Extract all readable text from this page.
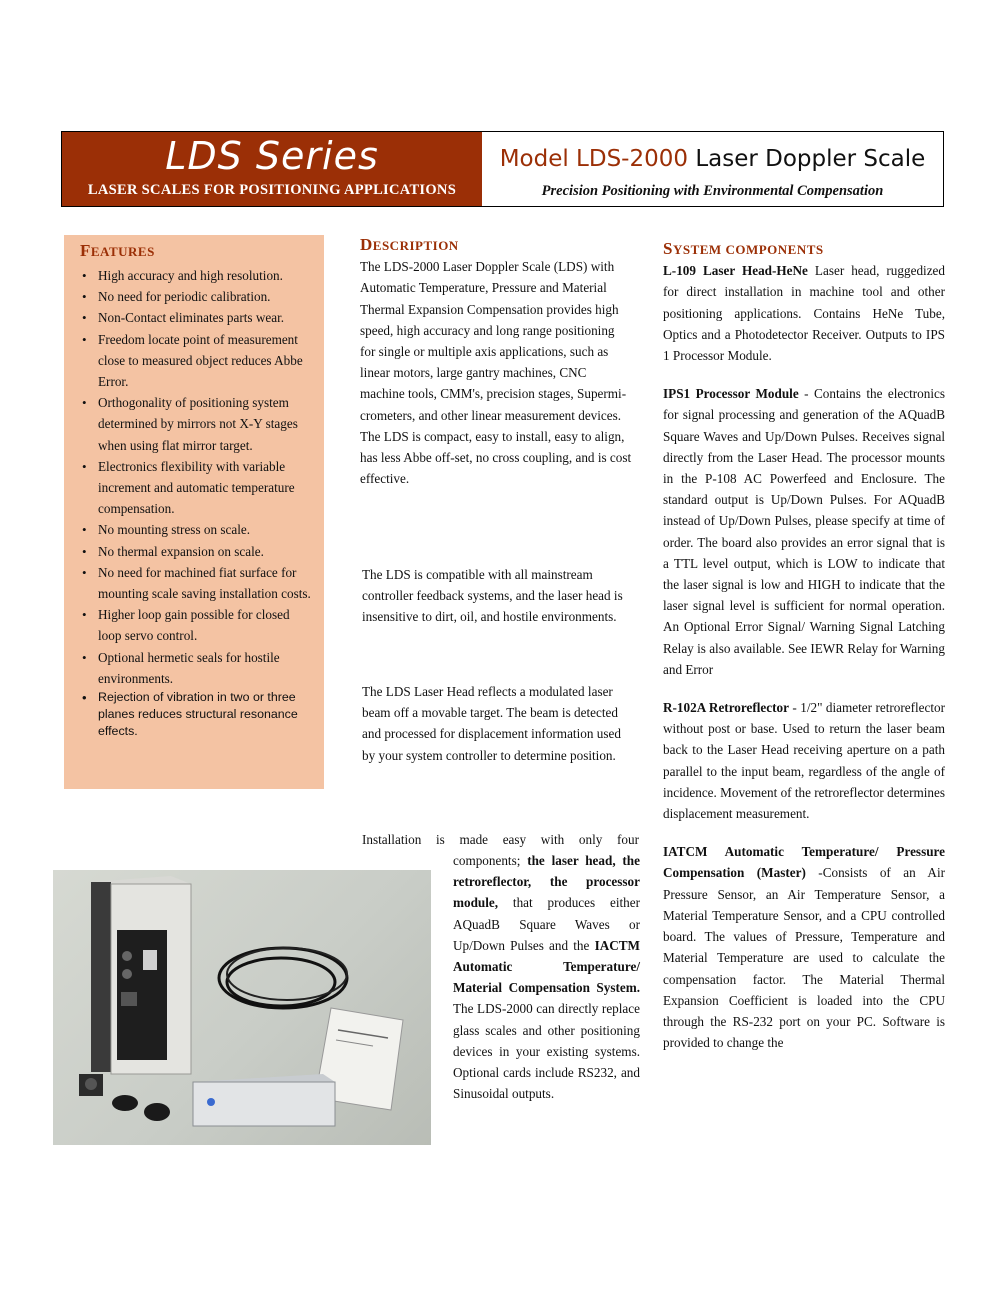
LDS Series
LASER SCALES FOR POSITIONING APPLICATIONS
Model LDS-2000 Laser Doppler Scale
Precision Positioning with Environmental Compensation
FEATURES
• High accuracy and high resolution.
• No need for periodic calibration.
• Non-Contact eliminates parts wear.
• Freedom locate point of measurement close to measured object reduces Abbe Error.
• Orthogonality of positioning system determined by mirrors not X-Y stages when using flat mirror target.
• Electronics flexibility with variable increment and automatic temperature compensation.
• No mounting stress on scale.
• No thermal expansion on scale.
• No need for machined fiat surface for mounting scale saving installation costs.
• Higher loop gain possible for closed loop servo control.
• Optional hermetic seals for hostile environments.
• Rejection of vibration in two or three planes reduces structural resonance effects.
DESCRIPTION

The LDS-2000 Laser Doppler Scale (LDS) with Automatic Temperature, Pressure and Material Thermal Expansion Compensation provides high speed, high accuracy and long range positioning for single or multiple axis applications, such as linear motors, large gantry machines, CNC machine tools, CMM's, precision stages, Supermi-crometers, and other linear measurement devices. The LDS is compact, easy to install, easy to align, has less Abbe off-set, no cross coupling, and is cost effective.

The LDS is compatible with all mainstream controller feedback systems, and the laser head is insensitive to dirt, oil, and hostile environments.

The LDS Laser Head reflects a modulated laser beam off a movable target. The beam is detected and processed for displacement information used by your system controller to determine position.

Installation is made easy with only four

components; the laser head, the retroreflector, the processor module, that produces either AQuadB Square Waves or Up/Down Pulses and the IACTM Automatic Temperature/ Material Compensation System. The LDS-2000 can directly replace glass scales and other positioning devices in your existing systems. Optional cards include RS232, and Sinusoidal outputs.

SYSTEM COMPONENTS

L-109 Laser Head-HeNe Laser head, ruggedized for direct installation in machine tool and other positioning applications. Contains HeNe Tube, Optics and a Photodetector Receiver. Outputs to IPS 1 Processor Module.

IPS1 Processor Module - Contains the electronics for signal processing and generation of the AQuadB Square Waves and Up/Down Pulses. Receives signal directly from the Laser Head. The processor mounts in the P-108 AC Powerfeed and Enclosure. The standard output is Up/Down Pulses. For AQuadB instead of Up/Down Pulses, please specify at time of order. The board also provides an error signal that is a TTL level output, which is LOW to indicate that the laser signal is low and HIGH to indicate that the laser signal level is sufficient for normal operation. An Optional Error Signal/ Warning Signal Latching Relay is also available. See IEWR Relay for Warning and Error

R-102A Retroreflector - 1/2" diameter retroreflector without post or base. Used to return the laser beam back to the Laser Head receiving aperture on a path parallel to the input beam, regardless of the angle of incidence. Movement of the retroreflector determines displacement measurement.

IATCM Automatic Temperature/ Pressure Compensation (Master) -Consists of an Air Pressure Sensor, an Air Temperature Sensor, a Material Temperature Sensor, and a CPU controlled board. The values of Pressure, Temperature and Material Temperature are used to calculate the compensation factor. The Material Thermal Expansion Coefficient is loaded into the CPU through the RS-232 port on your PC. Software is provided to change the
